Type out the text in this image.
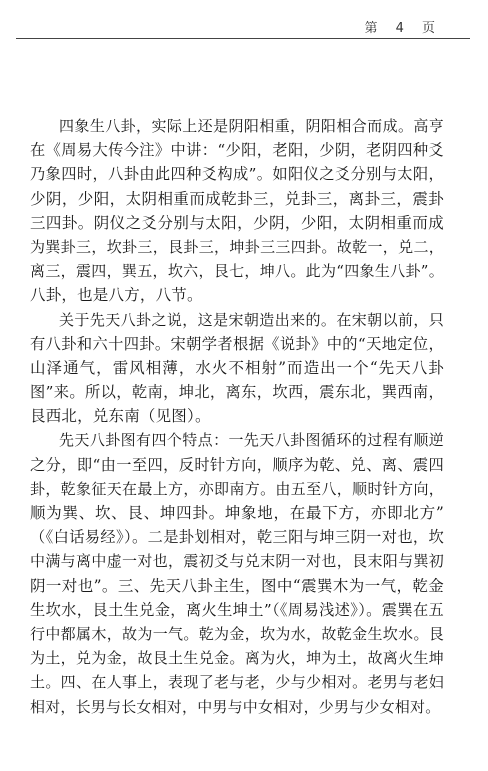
第 4 页
四象生八卦，实际上还是阴阳相重，阴阳相合而成。高亨
在《周易大传今注》中讲：“少阳，老阳，少阴，老阴四种爻
乃象四时，八卦由此四种爻构成”。如阳仪之爻分别与太阳，
少阴，少阳，太阴相重而成乾卦三，兑卦三，离卦三，震卦
三四卦。阴仪之爻分别与太阳，少阴，少阳，太阴相重而成
为巽卦三，坎卦三，艮卦三，坤卦三三四卦。故乾一，兑二，
离三，震四，巽五，坎六，艮七，坤八。此为“四象生八卦”。
八卦，也是八方，八节。
关于先天八卦之说，这是宋朝造出来的。在宋朝以前，只
有八卦和六十四卦。宋朝学者根据《说卦》中的“天地定位，
山泽通气，雷风相薄，水火不相射”而造出一个“先天八卦
图”来。所以，乾南，坤北，离东，坎西，震东北，巽西南，
艮西北，兑东南（见图）。
先天八卦图有四个特点：一先天八卦图循环的过程有顺逆
之分，即“由一至四，反时针方向，顺序为乾、兑、离、震四
卦，乾象征天在最上方，亦即南方。由五至八，顺时针方向，
顺为巽、坎、艮、坤四卦。坤象地，在最下方，亦即北方”
（《白话易经》）。二是卦划相对，乾三阳与坤三阴一对也，坎
中满与离中虚一对也，震初爻与兑末阴一对也，艮末阳与巽初
阴一对也”。三、先天八卦主生，图中“震巽木为一气，乾金
生坎水，艮土生兑金，离火生坤土”（《周易浅述》）。震巽在五
行中都属木，故为一气。乾为金，坎为水，故乾金生坎水。艮
为土，兑为金，故艮土生兑金。离为火，坤为土，故离火生坤
土。四、在人事上，表现了老与老，少与少相对。老男与老妇
相对，长男与长女相对，中男与中女相对，少男与少女相对。
